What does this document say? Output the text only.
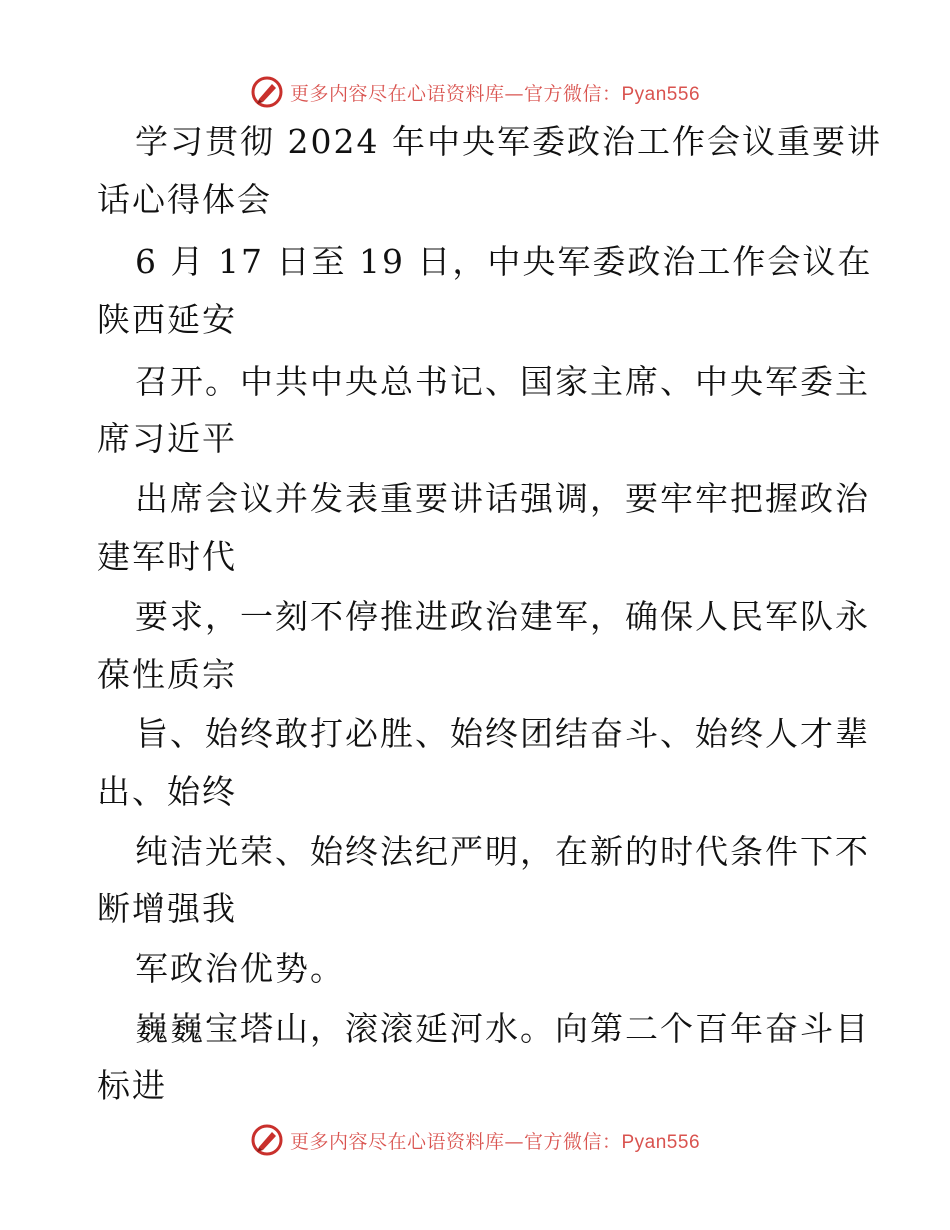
更多内容尽在心语资料库—官方微信：Pyan556
学习贯彻 2024 年中央军委政治工作会议重要讲
话心得体会
6 月 17 日至 19 日，中央军委政治工作会议在
陕西延安
召开。中共中央总书记、国家主席、中央军委主
席习近平
出席会议并发表重要讲话强调，要牢牢把握政治
建军时代
要求，一刻不停推进政治建军，确保人民军队永
葆性质宗
旨、始终敢打必胜、始终团结奋斗、始终人才辈
出、始终
纯洁光荣、始终法纪严明，在新的时代条件下不
断增强我
军政治优势。
巍巍宝塔山，滚滚延河水。向第二个百年奋斗目
标进
更多内容尽在心语资料库—官方微信：Pyan556
